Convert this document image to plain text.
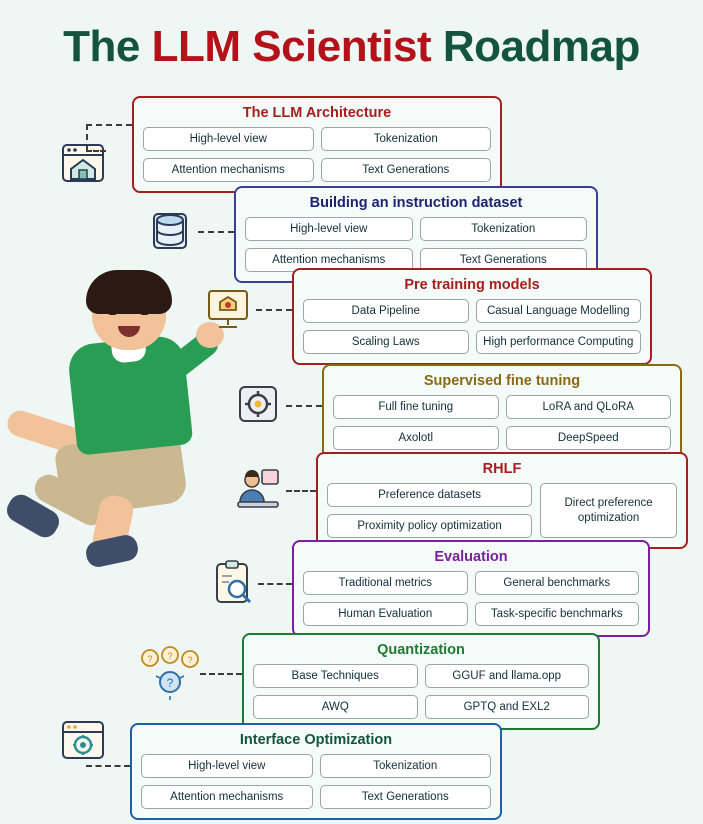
The LLM Scientist Roadmap
The LLM Architecture
High-level view	Tokenization
Attention mechanisms	Text Generations
Building an instruction dataset
High-level view	Tokenization
Attention mechanisms	Text Generations
Pre training models
Data Pipeline	Casual Language Modelling
Scaling Laws	High performance Computing
Supervised fine tuning
Full fine tuning	LoRA and QLoRA
Axolotl	DeepSpeed
RHLF
Preference datasets
Proximity policy optimization
Direct preference optimization
Evaluation
Traditional metrics	General benchmarks
Human Evaluation	Task-specific benchmarks
? ? ?
?
Quantization
Base Techniques	GGUF and llama.opp
AWQ	GPTQ and EXL2
Interface Optimization
High-level view	Tokenization
Attention mechanisms	Text Generations
